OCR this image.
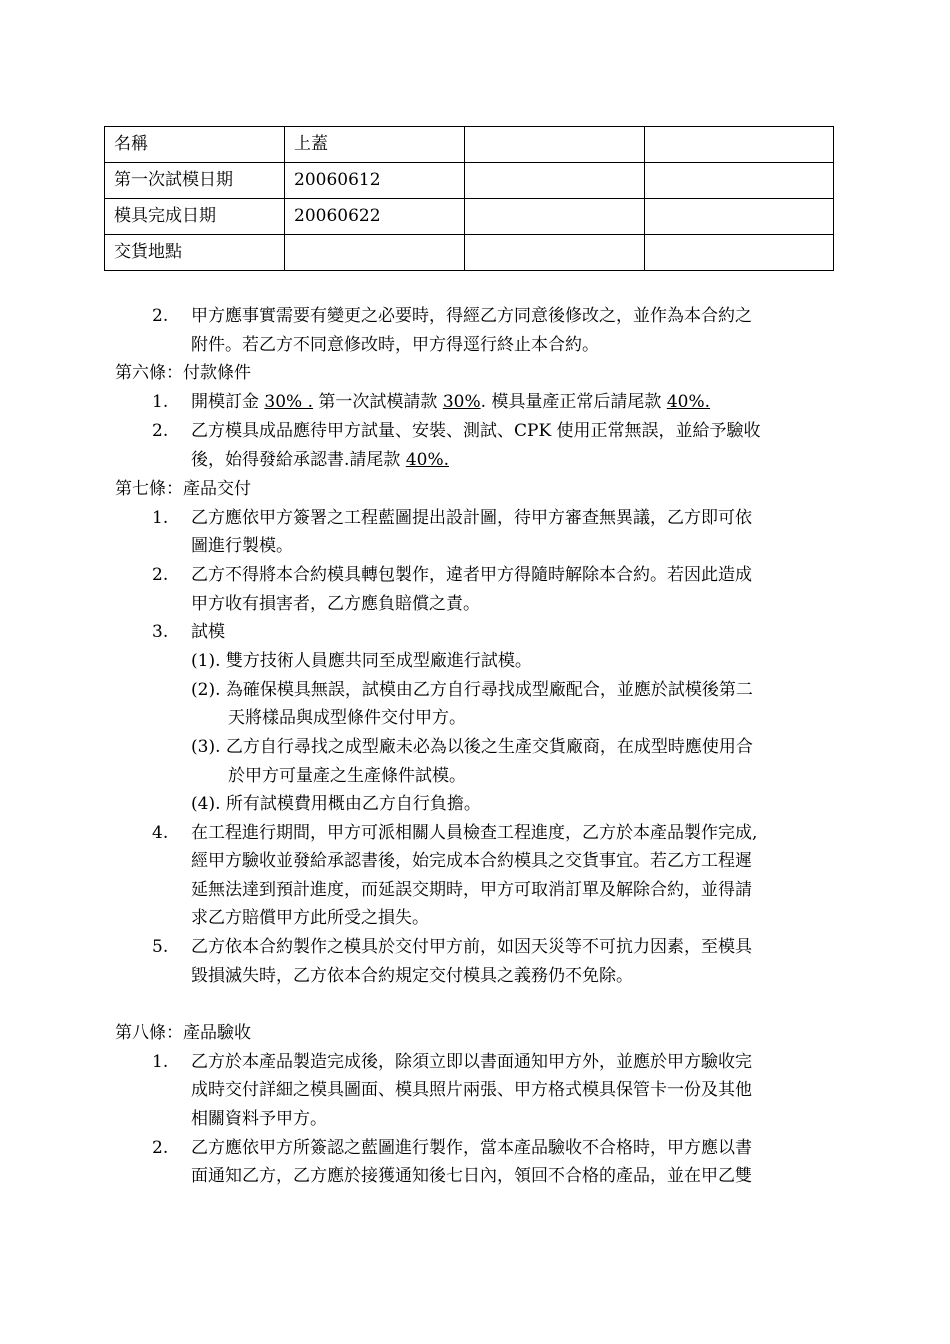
名稱	上蓋		
第一次試模日期	20060612		
模具完成日期	20060622		
交貨地點			
2. 甲方應事實需要有變更之必要時，得經乙方同意後修改之，並作為本合約之
附件。若乙方不同意修改時，甲方得逕行終止本合約。
第六條：付款條件
1. 開模訂金 30% . 第一次試模請款 30%. 模具量產正常后請尾款 40%.
2. 乙方模具成品應待甲方試量、安裝、測試、CPK 使用正常無誤，並給予驗收
後，始得發給承認書.請尾款 40%.
第七條：產品交付
1. 乙方應依甲方簽署之工程藍圖提出設計圖，待甲方審查無異議，乙方即可依
圖進行製模。
2. 乙方不得將本合約模具轉包製作，違者甲方得隨時解除本合約。若因此造成
甲方收有損害者，乙方應負賠償之責。
3. 試模
(1). 雙方技術人員應共同至成型廠進行試模。
(2). 為確保模具無誤，試模由乙方自行尋找成型廠配合，並應於試模後第二
天將樣品與成型條件交付甲方。
(3). 乙方自行尋找之成型廠未必為以後之生產交貨廠商，在成型時應使用合
於甲方可量產之生產條件試模。
(4). 所有試模費用概由乙方自行負擔。
4. 在工程進行期間，甲方可派相關人員檢查工程進度，乙方於本產品製作完成,
經甲方驗收並發給承認書後，始完成本合約模具之交貨事宜。若乙方工程遲
延無法達到預計進度，而延誤交期時，甲方可取消訂單及解除合約，並得請
求乙方賠償甲方此所受之損失。
5. 乙方依本合約製作之模具於交付甲方前，如因天災等不可抗力因素，至模具
毀損滅失時，乙方依本合約規定交付模具之義務仍不免除。
第八條：產品驗收
1. 乙方於本產品製造完成後，除須立即以書面通知甲方外，並應於甲方驗收完
成時交付詳細之模具圖面、模具照片兩張、甲方格式模具保管卡一份及其他
相關資料予甲方。
2. 乙方應依甲方所簽認之藍圖進行製作，當本產品驗收不合格時，甲方應以書
面通知乙方，乙方應於接獲通知後七日內，領回不合格的產品，並在甲乙雙
